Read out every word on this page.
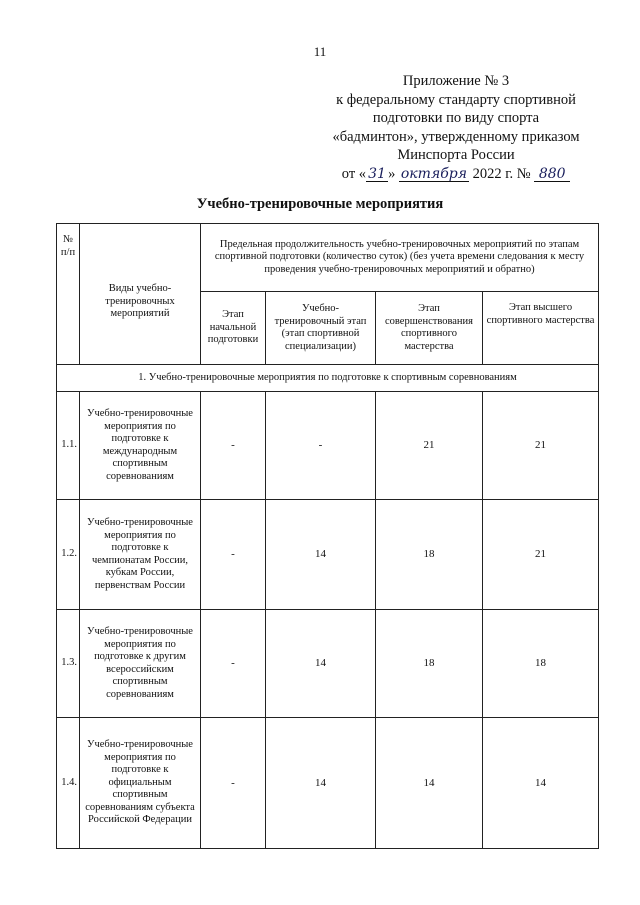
11
Приложение № 3
к федеральному стандарту спортивной
подготовки по виду спорта
«бадминтон», утвержденному приказом
Минспорта России
от « 31 » октября 2022 г. № 880
Учебно-тренировочные мероприятия
№ п/п	Виды учебно-тренировочных мероприятий	Предельная продолжительность учебно-тренировочных мероприятий по этапам спортивной подготовки (количество суток) (без учета времени следования к месту проведения учебно-тренировочных мероприятий и обратно)			
		Этап начальной подготовки	Учебно-тренировочный этап (этап спортивной специализации)	Этап совершенствования спортивного мастерства	Этап высшего спортивного мастерства
1. Учебно-тренировочные мероприятия по подготовке к спортивным соревнованиям					
1.1.	Учебно-тренировочные мероприятия по подготовке к международным спортивным соревнованиям	-	-	21	21
1.2.	Учебно-тренировочные мероприятия по подготовке к чемпионатам России, кубкам России, первенствам России	-	14	18	21
1.3.	Учебно-тренировочные мероприятия по подготовке к другим всероссийским спортивным соревнованиям	-	14	18	18
1.4.	Учебно-тренировочные мероприятия по подготовке к официальным спортивным соревнованиям субъекта Российской Федерации	-	14	14	14
